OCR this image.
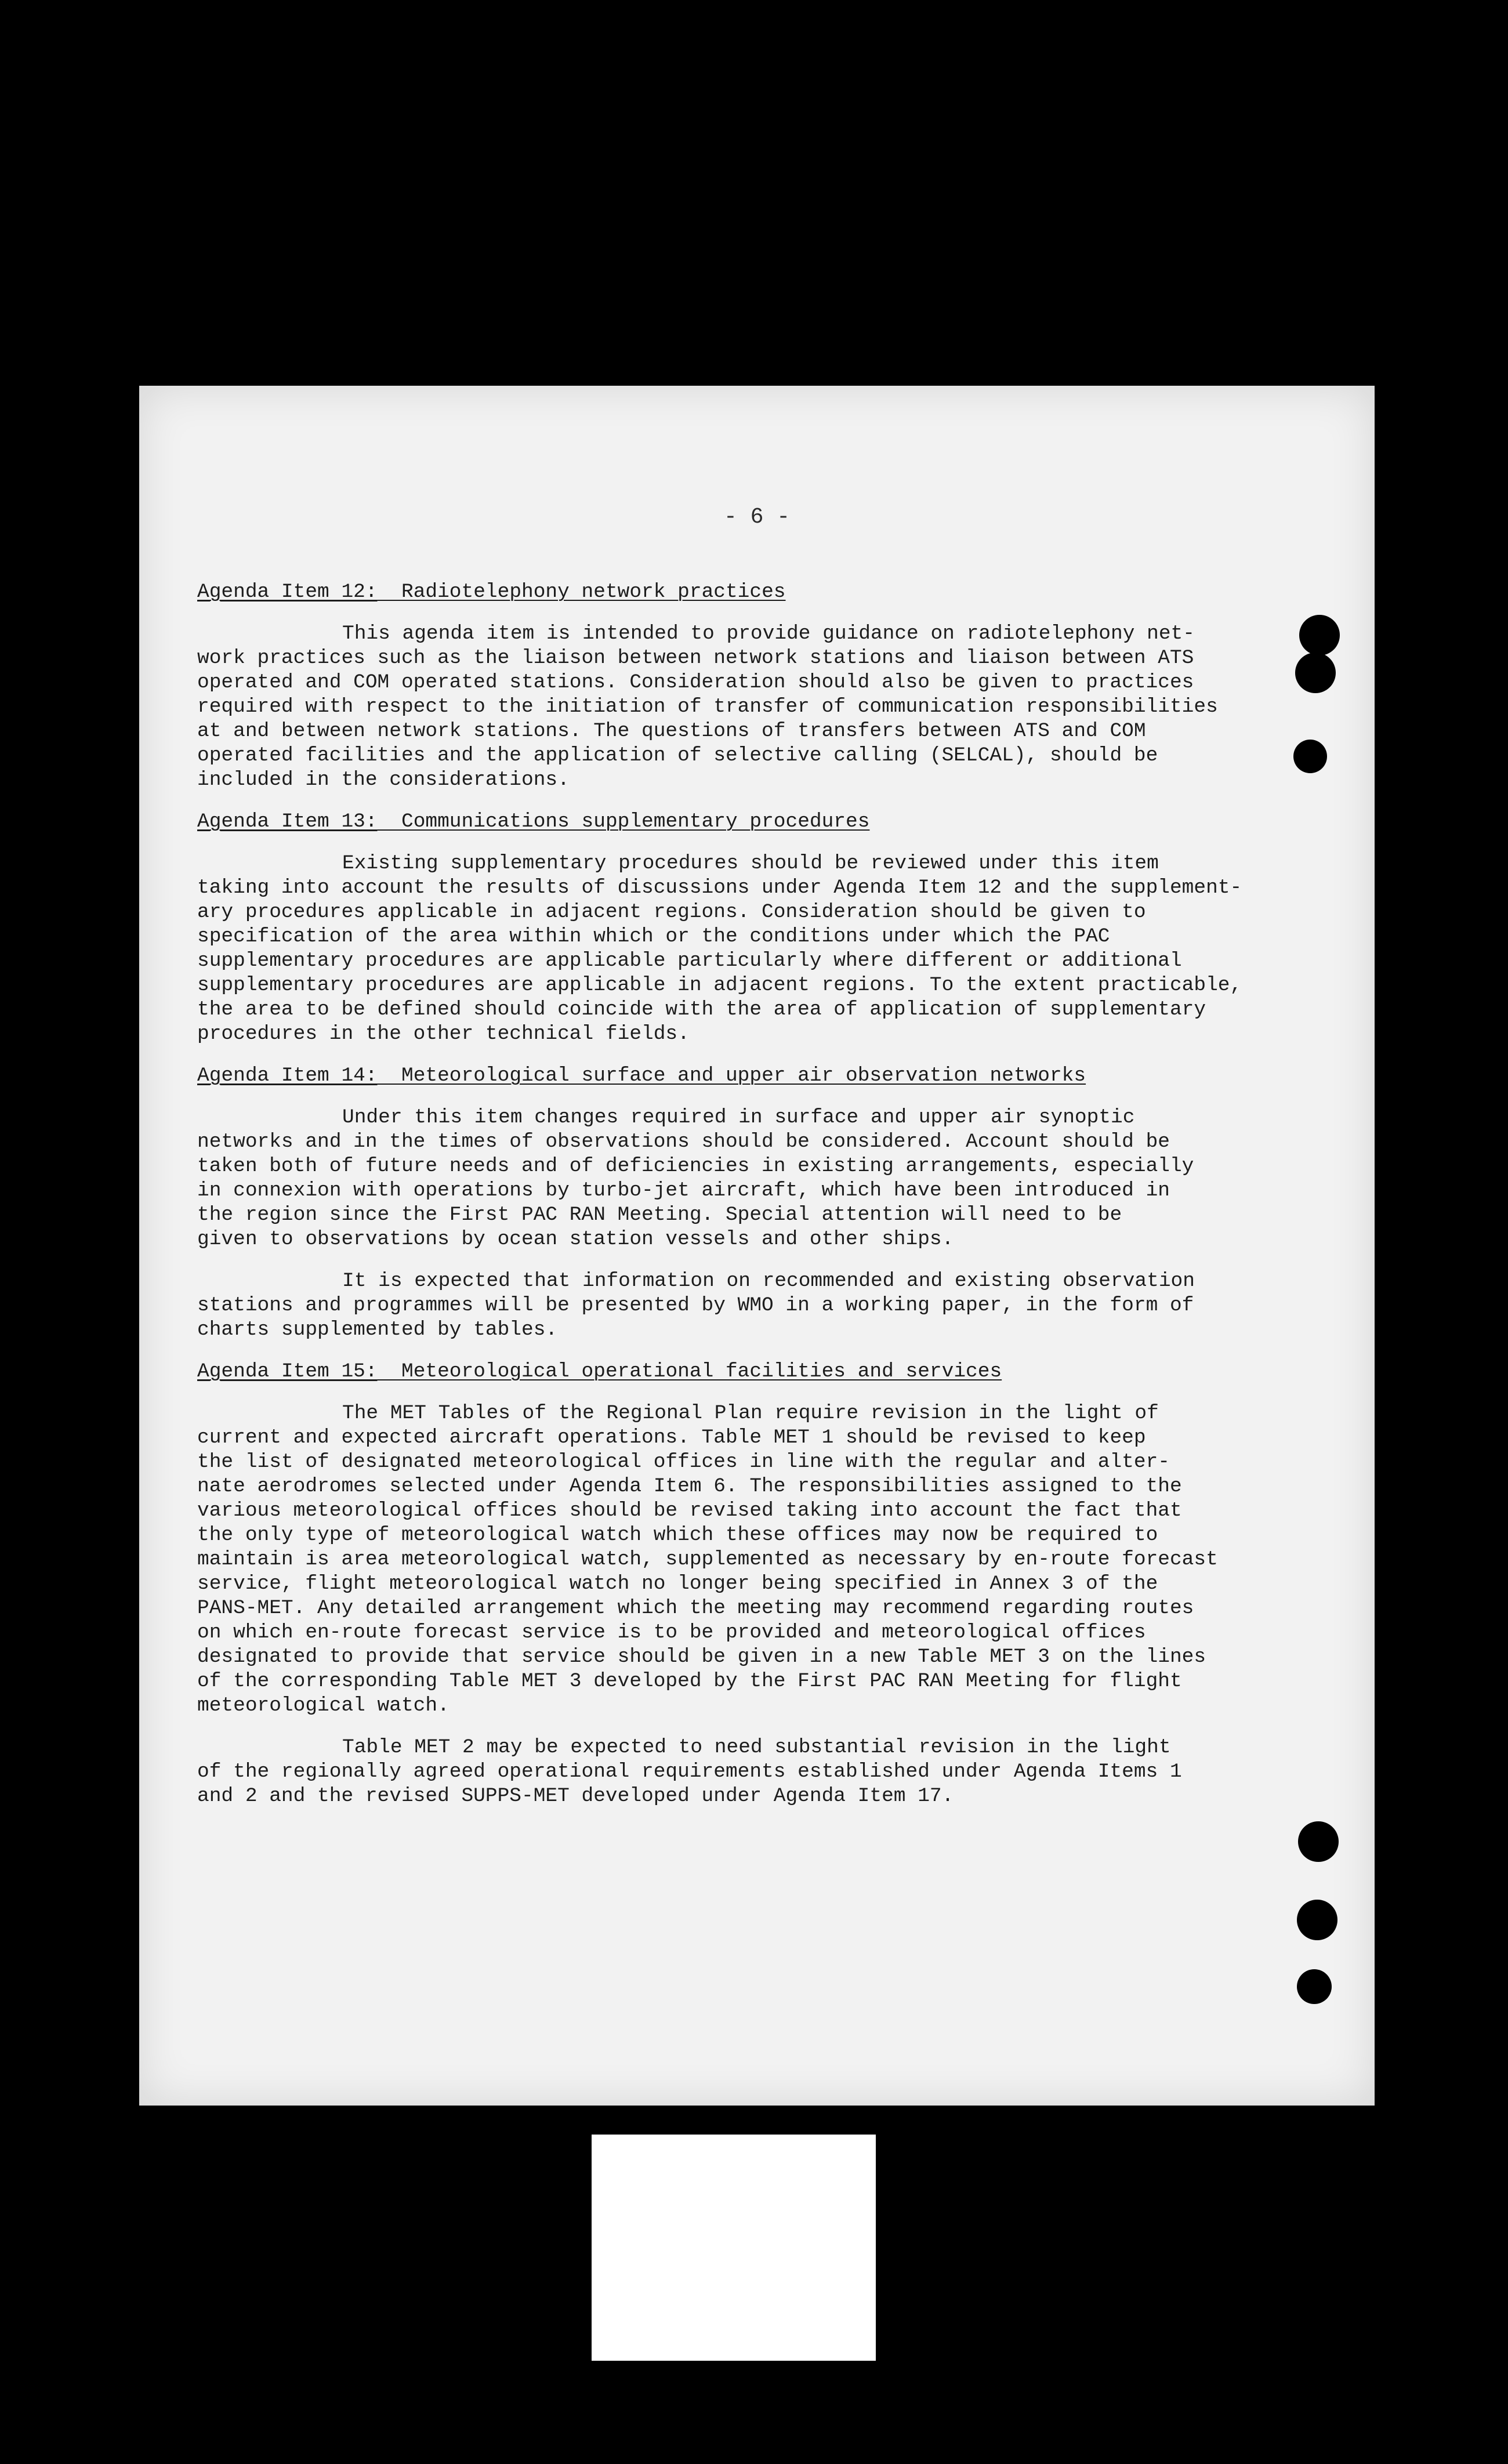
- 6 -
Agenda Item 12: Radiotelephony network practices
This agenda item is intended to provide guidance on radiotelephony net-
work practices such as the liaison between network stations and liaison between ATS
operated and COM operated stations. Consideration should also be given to practices
required with respect to the initiation of transfer of communication responsibilities
at and between network stations. The questions of transfers between ATS and COM
operated facilities and the application of selective calling (SELCAL), should be
included in the considerations.
Agenda Item 13: Communications supplementary procedures
Existing supplementary procedures should be reviewed under this item
taking into account the results of discussions under Agenda Item 12 and the supplement-
ary procedures applicable in adjacent regions. Consideration should be given to
specification of the area within which or the conditions under which the PAC
supplementary procedures are applicable particularly where different or additional
supplementary procedures are applicable in adjacent regions. To the extent practicable,
the area to be defined should coincide with the area of application of supplementary
procedures in the other technical fields.
Agenda Item 14: Meteorological surface and upper air observation networks
Under this item changes required in surface and upper air synoptic
networks and in the times of observations should be considered. Account should be
taken both of future needs and of deficiencies in existing arrangements, especially
in connexion with operations by turbo-jet aircraft, which have been introduced in
the region since the First PAC RAN Meeting. Special attention will need to be
given to observations by ocean station vessels and other ships.
It is expected that information on recommended and existing observation
stations and programmes will be presented by WMO in a working paper, in the form of
charts supplemented by tables.
Agenda Item 15: Meteorological operational facilities and services
The MET Tables of the Regional Plan require revision in the light of
current and expected aircraft operations. Table MET 1 should be revised to keep
the list of designated meteorological offices in line with the regular and alter-
nate aerodromes selected under Agenda Item 6. The responsibilities assigned to the
various meteorological offices should be revised taking into account the fact that
the only type of meteorological watch which these offices may now be required to
maintain is area meteorological watch, supplemented as necessary by en-route forecast
service, flight meteorological watch no longer being specified in Annex 3 of the
PANS-MET. Any detailed arrangement which the meeting may recommend regarding routes
on which en-route forecast service is to be provided and meteorological offices
designated to provide that service should be given in a new Table MET 3 on the lines
of the corresponding Table MET 3 developed by the First PAC RAN Meeting for flight
meteorological watch.
Table MET 2 may be expected to need substantial revision in the light
of the regionally agreed operational requirements established under Agenda Items 1
and 2 and the revised SUPPS-MET developed under Agenda Item 17.
